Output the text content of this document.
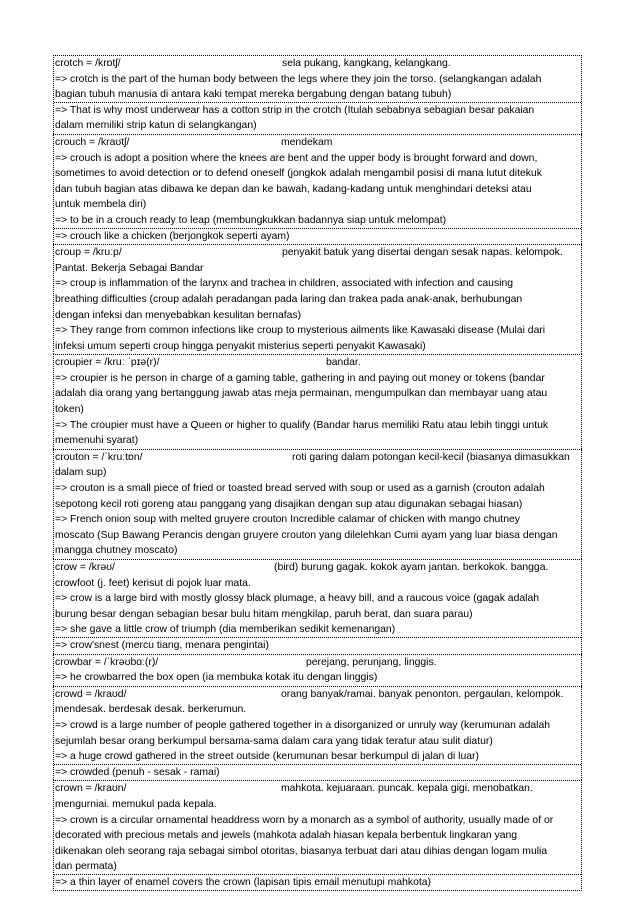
crotch = /krɒtʃ/	sela pukang, kangkang, kelangkang.
=> crotch is the part of the human body between the legs where they join the torso. (selangkangan adalah
bagian tubuh manusia di antara kaki tempat mereka bergabung dengan batang tubuh)
=> That is why most underwear has a cotton strip in the crotch (Itulah sebabnya sebagian besar pakaian
dalam memiliki strip katun di selangkangan)
crouch = /kraʊtʃ/	mendekam
=> crouch is adopt a position where the knees are bent and the upper body is brought forward and down,
sometimes to avoid detection or to defend oneself (jongkok adalah mengambil posisi di mana lutut ditekuk
dan tubuh bagian atas dibawa ke depan dan ke bawah, kadang-kadang untuk menghindari deteksi atau
untuk membela diri)
=> to be in a crouch ready to leap (membungkukkan badannya siap untuk melompat)
=> crouch like a chicken (berjongkok seperti ayam)
croup = /kruːp/	penyakit batuk yang disertai dengan sesak napas. kelompok.
Pantat. Bekerja Sebagai Bandar
=> croup is inflammation of the larynx and trachea in children, associated with infection and causing
breathing difficulties (croup adalah peradangan pada laring dan trakea pada anak-anak, berhubungan
dengan infeksi dan menyebabkan kesulitan bernafas)
=> They range from common infections like croup to mysterious ailments like Kawasaki disease (Mulai dari
infeksi umum seperti croup hingga penyakit misterius seperti penyakit Kawasaki)
croupier = /kruː ˈpɪə(r)/	bandar.
=> croupier is he person in charge of a gaming table, gathering in and paying out money or tokens (bandar
adalah dia orang yang bertanggung jawab atas meja permainan, mengumpulkan dan membayar uang atau
token)
=> The croupier must have a Queen or higher to qualify (Bandar harus memiliki Ratu atau lebih tinggi untuk
memenuhi syarat)
crouton = /ˈkruːtɒn/	roti garing dalam potongan kecil-kecil (biasanya dimasukkan
dalam sup)
=> crouton is a small piece of fried or toasted bread served with soup or used as a garnish (crouton adalah
sepotong kecil roti goreng atau panggang yang disajikan dengan sup atau digunakan sebagai hiasan)
=> French onion soup with melted gruyere crouton Incredible calamar of chicken with mango chutney
moscato (Sup Bawang Perancis dengan gruyere crouton yang dilelehkan Cumi ayam yang luar biasa dengan
mangga chutney moscato)
crow = /krəʊ/	(bird) burung gagak. kokok ayam jantan. berkokok. bangga.
crowfoot (j. feet) kerisut di pojok luar mata.
=> crow is a large bird with mostly glossy black plumage, a heavy bill, and a raucous voice (gagak adalah
burung besar dengan sebagian besar bulu hitam mengkilap, paruh berat, dan suara parau)
=> she gave a little crow of triumph (dia memberikan sedikit kemenangan)
=> crow'snest (mercu tiang, menara pengintai)
crowbar = /ˈkrəʊbɑː(r)/	perejang, perunjang, linggis.
=> he crowbarred the box open (ia membuka kotak itu dengan linggis)
crowd = /kraʊd/	orang banyak/ramai. banyak penonton. pergaulan, kelompok.
mendesak. berdesak desak. berkerumun.
=> crowd is a large number of people gathered together in a disorganized or unruly way (kerumunan adalah
sejumlah besar orang berkumpul bersama-sama dalam cara yang tidak teratur atau sulit diatur)
=> a huge crowd gathered in the street outside (kerumunan besar berkumpul di jalan di luar)
=> crowded (penuh - sesak - ramai)
crown = /kraʊn/	mahkota. kejuaraan. puncak. kepala gigi. menobatkan.
mengurniai. memukul pada kepala.
=> crown is a circular ornamental headdress worn by a monarch as a symbol of authority, usually made of or
decorated with precious metals and jewels (mahkota adalah hiasan kepala berbentuk lingkaran yang
dikenakan oleh seorang raja sebagai simbol otoritas, biasanya terbuat dari atau dihias dengan logam mulia
dan permata)
=> a thin layer of enamel covers the crown (lapisan tipis email menutupi mahkota)
